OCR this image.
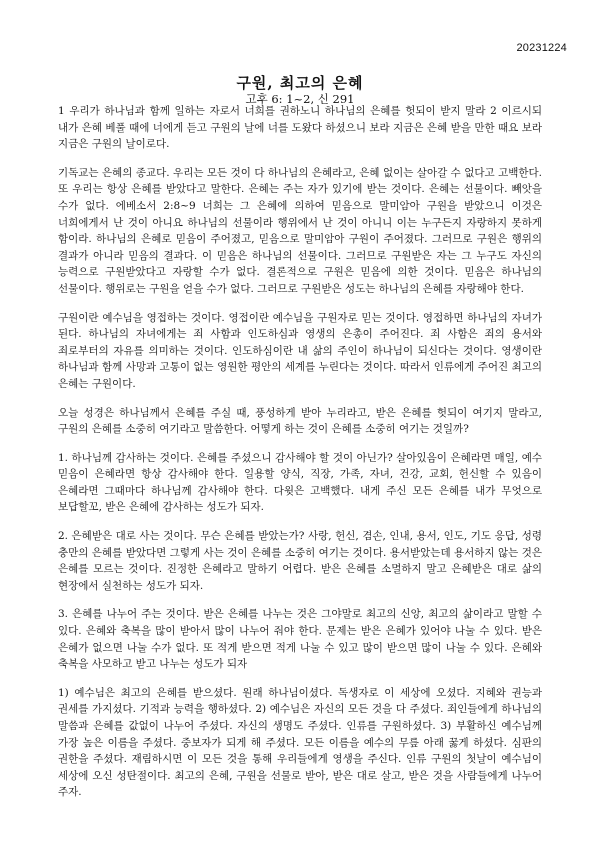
20231224
구원, 최고의 은혜
고후 6: 1~2, 신 291

1 우리가 하나님과 함께 일하는 자로서 너희를 권하노니 하나님의 은혜를 헛되이 받지 말라 2 이르시되 내가 은혜 베풀 때에 너에게 듣고 구원의 날에 너를 도왔다 하셨으니 보라 지금은 은혜 받을 만한 때요 보라 지금은 구원의 날이로다.

기독교는 은혜의 종교다. 우리는 모든 것이 다 하나님의 은혜라고, 은혜 없이는 살아갈 수 없다고 고백한다. 또 우리는 항상 은혜를 받았다고 말한다. 은혜는 주는 자가 있기에 받는 것이다. 은혜는 선물이다. 빼앗을 수가 없다. 에베소서 2:8~9 너희는 그 은혜에 의하여 믿음으로 말미암아 구원을 받았으니 이것은 너희에게서 난 것이 아니요 하나님의 선물이라 행위에서 난 것이 아니니 이는 누구든지 자랑하지 못하게 함이라. 하나님의 은혜로 믿음이 주어졌고, 믿음으로 말미암아 구원이 주어졌다. 그러므로 구원은 행위의 결과가 아니라 믿음의 결과다. 이 믿음은 하나님의 선물이다. 그러므로 구원받은 자는 그 누구도 자신의 능력으로 구원받았다고 자랑할 수가 없다. 결론적으로 구원은 믿음에 의한 것이다. 믿음은 하나님의 선물이다. 행위로는 구원을 얻을 수가 없다. 그러므로 구원받은 성도는 하나님의 은혜를 자랑해야 한다.

구원이란 예수님을 영접하는 것이다. 영접이란 예수님을 구원자로 믿는 것이다. 영접하면 하나님의 자녀가 된다. 하나님의 자녀에게는 죄 사함과 인도하심과 영생의 은총이 주어진다. 죄 사함은 죄의 용서와 죄로부터의 자유를 의미하는 것이다. 인도하심이란 내 삶의 주인이 하나님이 되신다는 것이다. 영생이란 하나님과 함께 사망과 고통이 없는 영원한 평안의 세계를 누린다는 것이다. 따라서 인류에게 주어진 최고의 은혜는 구원이다.

오늘 성경은 하나님께서 은혜를 주실 때, 풍성하게 받아 누리라고, 받은 은혜를 헛되이 여기지 말라고, 구원의 은혜를 소중히 여기라고 말씀한다. 어떻게 하는 것이 은혜를 소중히 여기는 것일까?

1. 하나님께 감사하는 것이다. 은혜를 주셨으니 감사해야 할 것이 아닌가? 살아있음이 은혜라면 매일, 예수 믿음이 은혜라면 항상 감사해야 한다. 일용할 양식, 직장, 가족, 자녀, 건강, 교회, 헌신할 수 있음이 은혜라면 그때마다 하나님께 감사해야 한다. 다윗은 고백했다. 내게 주신 모든 은혜를 내가 무엇으로 보답할꼬, 받은 은혜에 감사하는 성도가 되자.

2. 은혜받은 대로 사는 것이다. 무슨 은혜를 받았는가? 사랑, 헌신, 겸손, 인내, 용서, 인도, 기도 응답, 성령 충만의 은혜를 받았다면 그렇게 사는 것이 은혜를 소중히 여기는 것이다. 용서받았는데 용서하지 않는 것은 은혜를 모르는 것이다. 진정한 은혜라고 말하기 어렵다. 받은 은혜를 소멸하지 말고 은혜받은 대로 삶의 현장에서 실천하는 성도가 되자.

3. 은혜를 나누어 주는 것이다. 받은 은혜를 나누는 것은 그야말로 최고의 신앙, 최고의 삶이라고 말할 수 있다. 은혜와 축복을 많이 받아서 많이 나누어 줘야 한다. 문제는 받은 은혜가 있어야 나눌 수 있다. 받은 은혜가 없으면 나눌 수가 없다. 또 적게 받으면 적게 나눌 수 있고 많이 받으면 많이 나눌 수 있다. 은혜와 축복을 사모하고 받고 나누는 성도가 되자

1) 예수님은 최고의 은혜를 받으셨다. 원래 하나님이셨다. 독생자로 이 세상에 오셨다. 지혜와 권능과 권세를 가지셨다. 기적과 능력을 행하셨다. 2) 예수님은 자신의 모든 것을 다 주셨다. 죄인들에게 하나님의 말씀과 은혜를 값없이 나누어 주셨다. 자신의 생명도 주셨다. 인류를 구원하셨다. 3) 부활하신 예수님께 가장 높은 이름을 주셨다. 중보자가 되게 해 주셨다. 모든 이름을 예수의 무릎 아래 꿇게 하셨다. 심판의 권한을 주셨다. 재림하시면 이 모든 것을 통해 우리들에게 영생을 주신다. 인류 구원의 첫날이 예수님이 세상에 오신 성탄절이다. 최고의 은혜, 구원을 선물로 받아, 받은 대로 살고, 받은 것을 사람들에게 나누어 주자.
